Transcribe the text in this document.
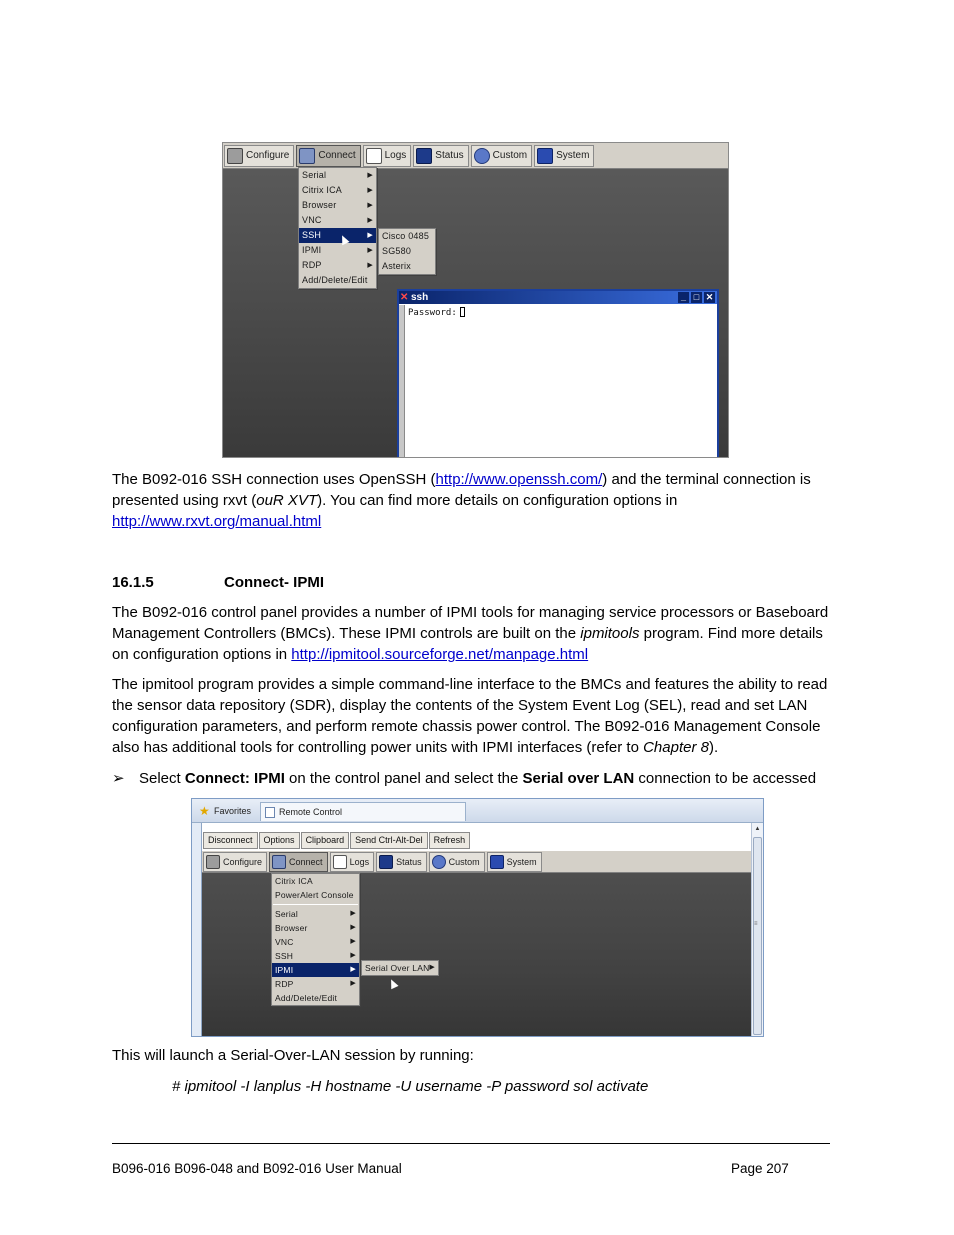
Configure	Connect	Logs	Status	Custom	System
Serial	▶
Citrix ICA	▶
Browser	▶
VNC	▶
SSH	▶
IPMI	▶
RDP	▶
Add/Delete/Edit
Cisco 0485
SG580
Asterix
✕ ssh	_ □ ✕
Password:
The B092-016 SSH connection uses OpenSSH (http://www.openssh.com/) and the terminal connection is presented using rxvt (ouR XVT). You can find more details on configuration options in
http://www.rxvt.org/manual.html
16.1.5	Connect- IPMI
The B092-016 control panel provides a number of IPMI tools for managing service processors or Baseboard Management Controllers (BMCs). These IPMI controls are built on the ipmitools program. Find more details on configuration options in http://ipmitool.sourceforge.net/manpage.html
The ipmitool program provides a simple command-line interface to the BMCs and features the ability to read the sensor data repository (SDR), display the contents of the System Event Log (SEL), read and set LAN configuration parameters, and perform remote chassis power control. The B092-016 Management Console also has additional tools for controlling power units with IPMI interfaces (refer to Chapter 8).
➢ Select Connect: IPMI on the control panel and select the Serial over LAN connection to be accessed
★ Favorites	Remote Control
Disconnect	Options	Clipboard	Send Ctrl-Alt-Del	Refresh
Configure	Connect	Logs	Status	Custom	System
Citrix ICA
PowerAlert Console
Serial	▶
Browser	▶
VNC	▶
SSH	▶
IPMI	▶
RDP	▶
Add/Delete/Edit
Serial Over LAN ▶
▲
≡
This will launch a Serial-Over-LAN session by running:
# ipmitool -I lanplus -H hostname -U username -P password sol activate
B096-016 B096-048 and B092-016 User Manual	Page 207
